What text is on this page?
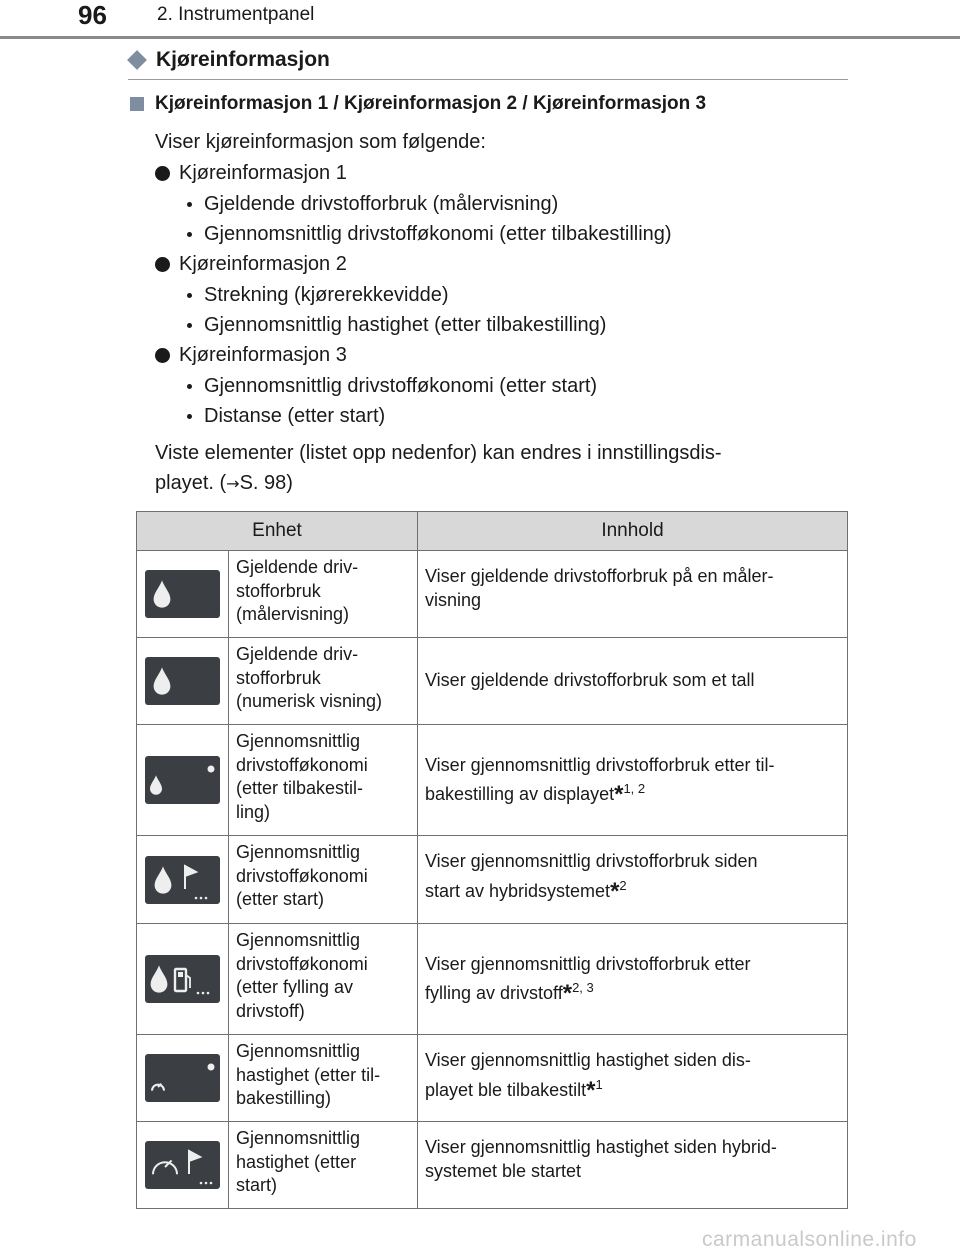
96	2. Instrumentpanel
Kjøreinformasjon
Kjøreinformasjon 1 / Kjøreinformasjon 2 / Kjøreinformasjon 3
Viser kjøreinformasjon som følgende:
Kjøreinformasjon 1
Gjeldende drivstofforbruk (målervisning)
Gjennomsnittlig drivstofføkonomi (etter tilbakestilling)
Kjøreinformasjon 2
Strekning (kjørerekkevidde)
Gjennomsnittlig hastighet (etter tilbakestilling)
Kjøreinformasjon 3
Gjennomsnittlig drivstofføkonomi (etter start)
Distanse (etter start)
Viste elementer (listet opp nedenfor) kan endres i innstillingsdis-
playet. (→S. 98)
Enhet		Innhold

	Gjeldende driv-
stofforbruk
(målervisning)	Viser gjeldende drivstofforbruk på en måler-
visning

	Gjeldende driv-
stofforbruk
(numerisk visning)	Viser gjeldende drivstofforbruk som et tall

	Gjennomsnittlig
drivstofføkonomi
(etter tilbakestil-
ling)	Viser gjennomsnittlig drivstofforbruk etter til-
bakestilling av displayet*$^{1, 2}$

	Gjennomsnittlig
drivstofføkonomi
(etter start)	Viser gjennomsnittlig drivstofforbruk siden
start av hybridsystemet*$^2$

	Gjennomsnittlig
drivstofføkonomi
(etter fylling av
drivstoff)	Viser gjennomsnittlig drivstofforbruk etter
fylling av drivstoff*$^{2, 3}$

	Gjennomsnittlig
hastighet (etter til-
bakestilling)	Viser gjennomsnittlig hastighet siden dis-
playet ble tilbakestilt*$^1$

	Gjennomsnittlig
hastighet (etter
start)	Viser gjennomsnittlig hastighet siden hybrid-
systemet ble startet
carmanualsonline.info
